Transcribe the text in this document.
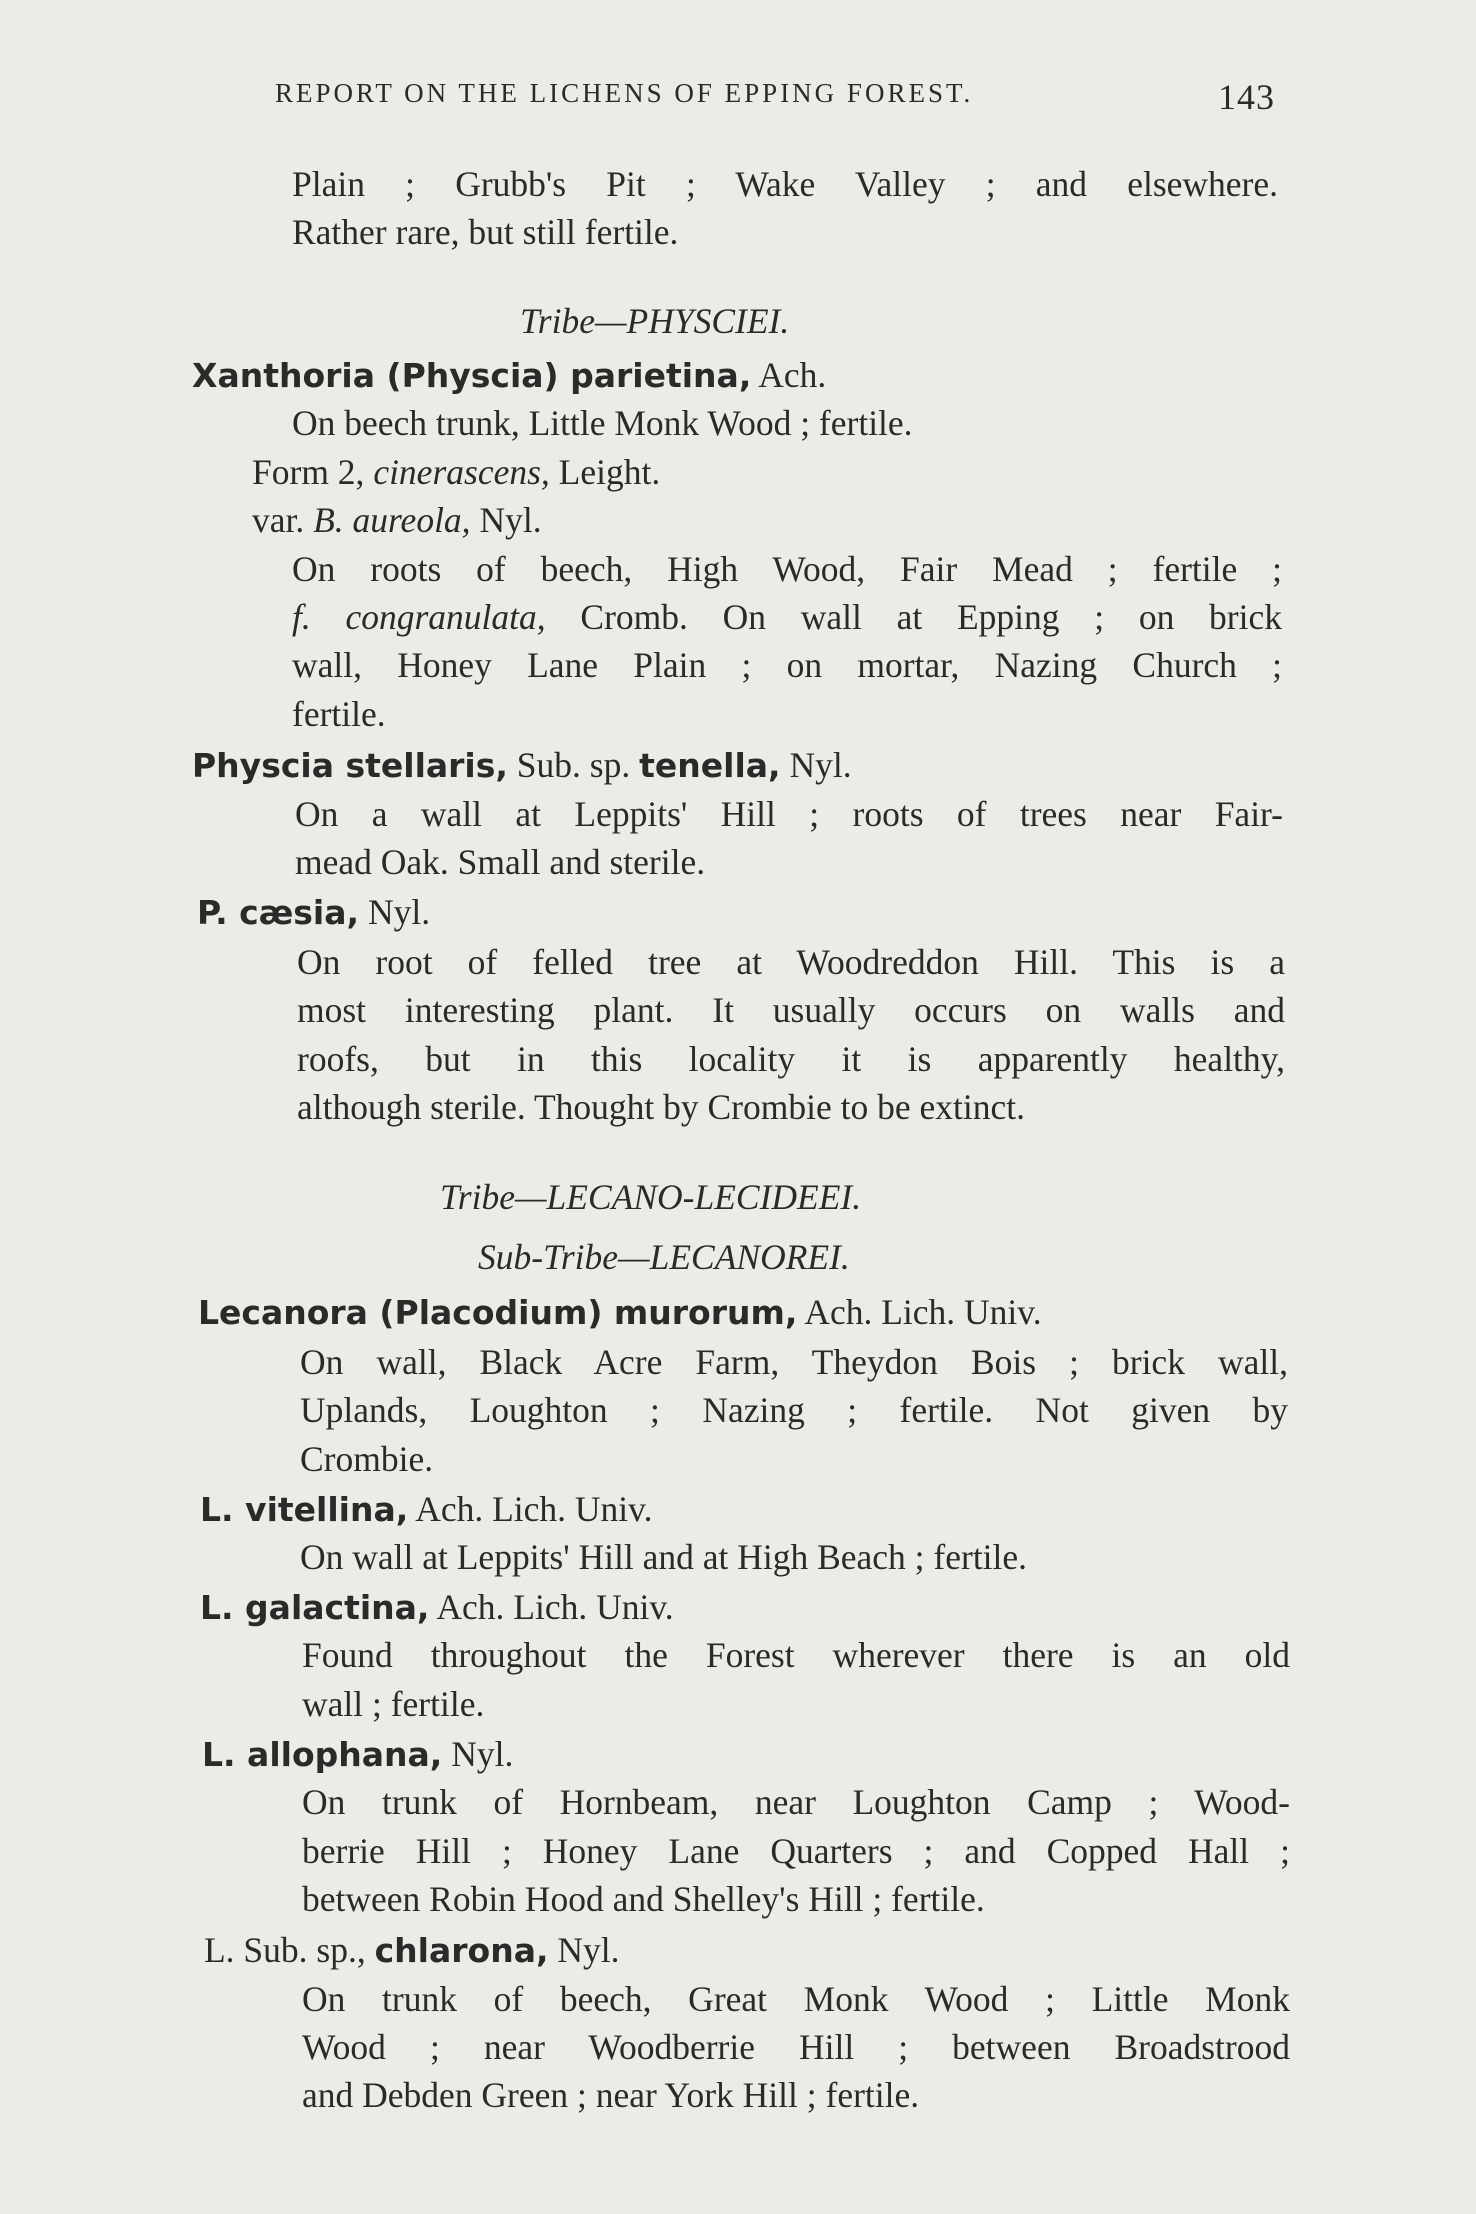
REPORT ON THE LICHENS OF EPPING FOREST.	143
Plain ; Grubb's Pit ; Wake Valley ; and elsewhere.
Rather rare, but still fertile.
Tribe—PHYSCIEI.
Xanthoria (Physcia) parietina, Ach.
On beech trunk, Little Monk Wood ; fertile.
Form 2, cinerascens, Leight.
var. B. aureola, Nyl.
On roots of beech, High Wood, Fair Mead ; fertile ;
f. congranulata, Cromb. On wall at Epping ; on brick
wall, Honey Lane Plain ; on mortar, Nazing Church ;
fertile.
Physcia stellaris, Sub. sp. tenella, Nyl.
On a wall at Leppits' Hill ; roots of trees near Fair-
mead Oak. Small and sterile.
P. cæsia, Nyl.
On root of felled tree at Woodreddon Hill. This is a
most interesting plant. It usually occurs on walls and
roofs, but in this locality it is apparently healthy,
although sterile. Thought by Crombie to be extinct.
Tribe—LECANO-LECIDEEI.
Sub-Tribe—LECANOREI.
Lecanora (Placodium) murorum, Ach. Lich. Univ.
On wall, Black Acre Farm, Theydon Bois ; brick wall,
Uplands, Loughton ; Nazing ; fertile. Not given by
Crombie.
L. vitellina, Ach. Lich. Univ.
On wall at Leppits' Hill and at High Beach ; fertile.
L. galactina, Ach. Lich. Univ.
Found throughout the Forest wherever there is an old
wall ; fertile.
L. allophana, Nyl.
On trunk of Hornbeam, near Loughton Camp ; Wood-
berrie Hill ; Honey Lane Quarters ; and Copped Hall ;
between Robin Hood and Shelley's Hill ; fertile.
L. Sub. sp., chlarona, Nyl.
On trunk of beech, Great Monk Wood ; Little Monk
Wood ; near Woodberrie Hill ; between Broadstrood
and Debden Green ; near York Hill ; fertile.
